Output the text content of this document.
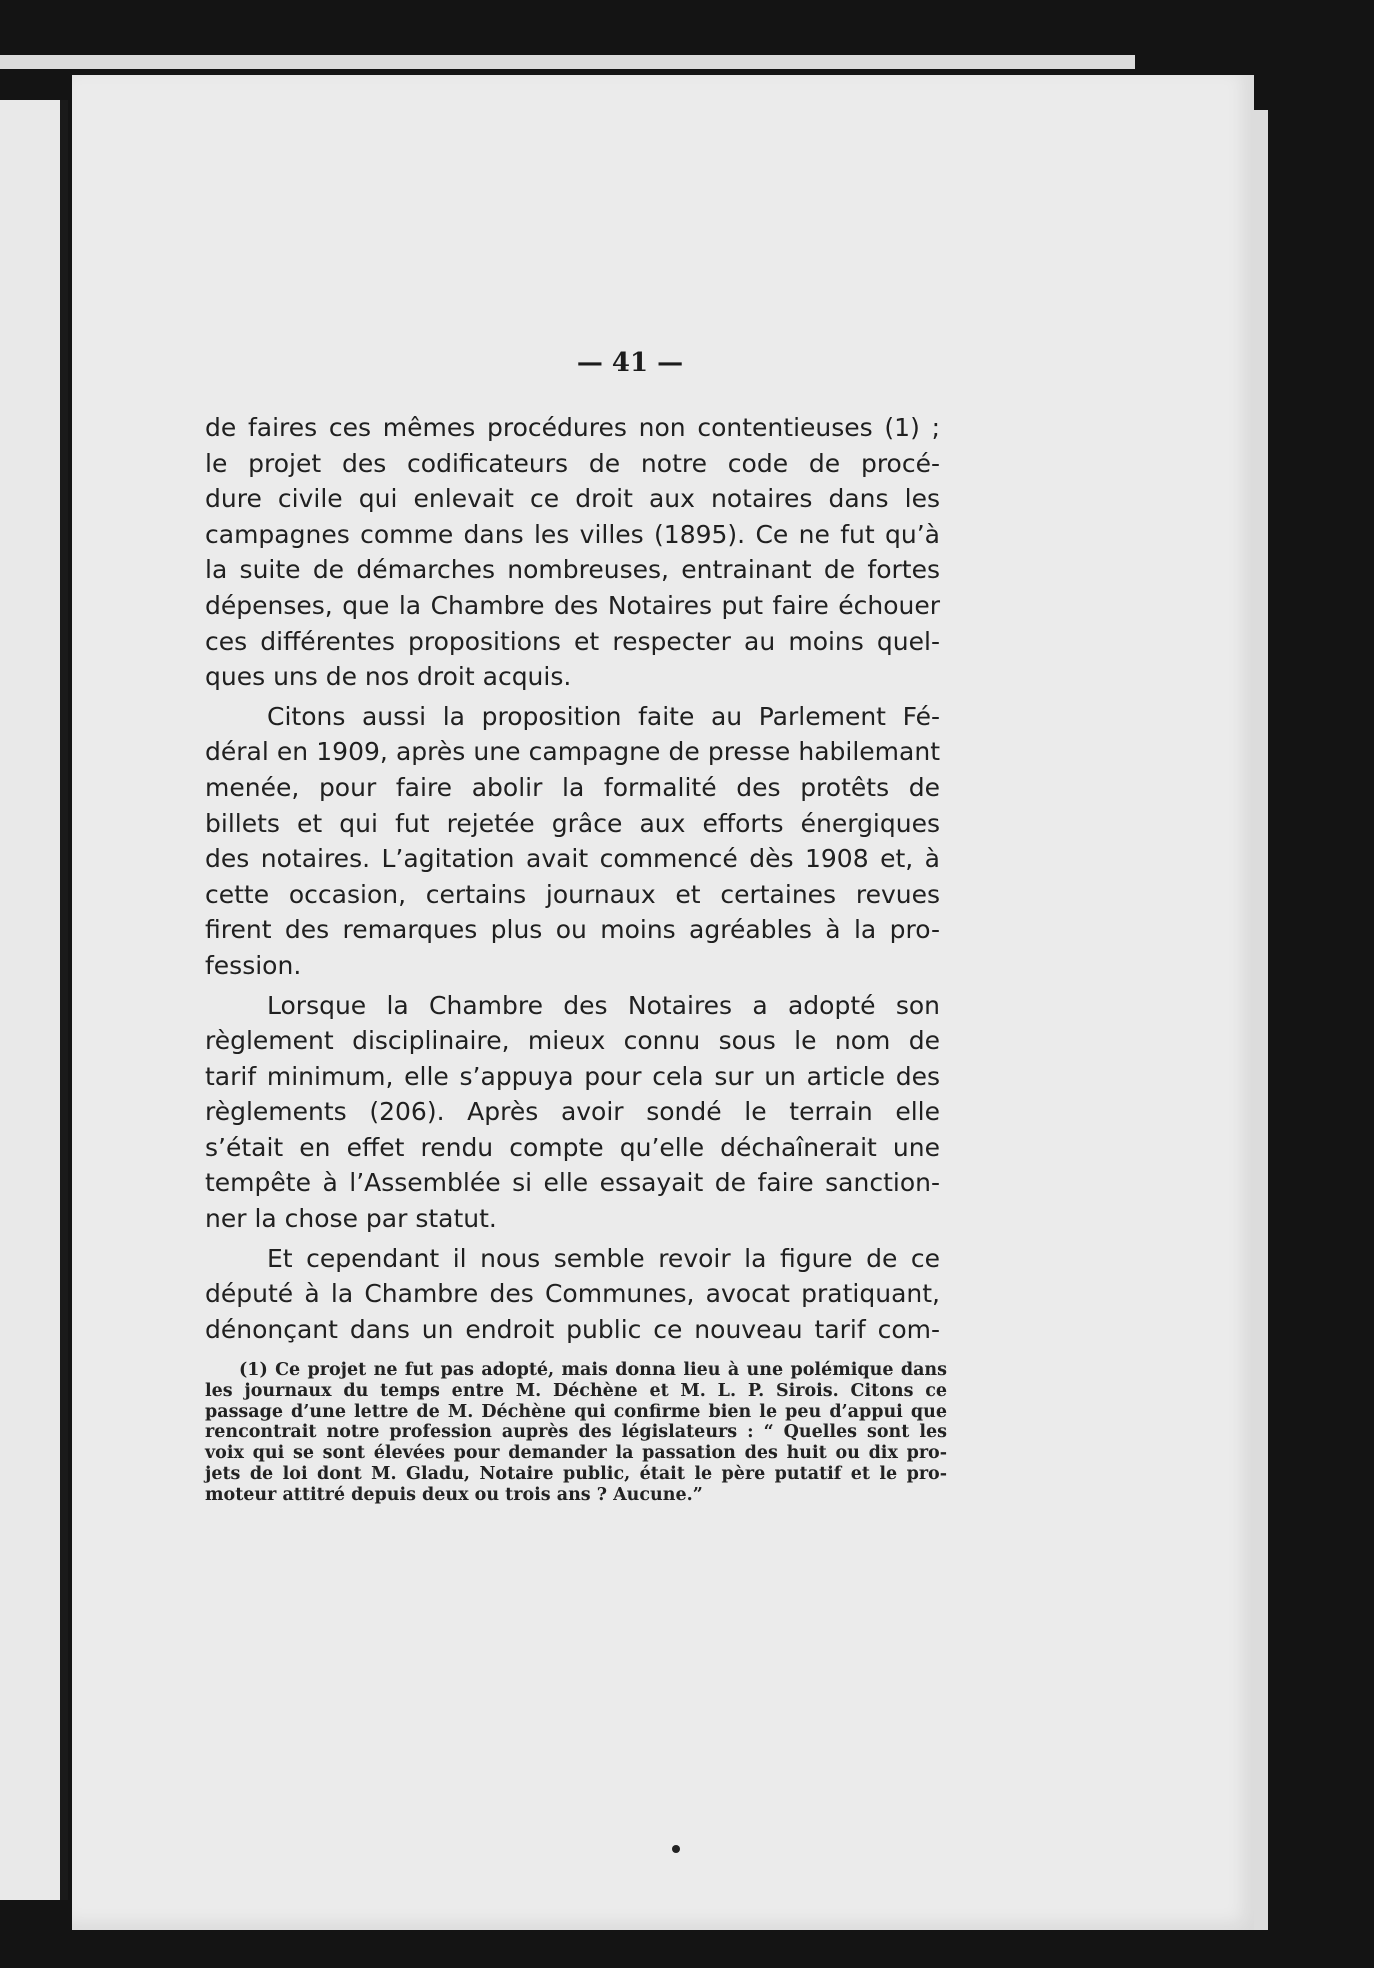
— 41 —
de faires ces mêmes procédures non contentieuses (1) ;
le projet des codificateurs de notre code de procé-
dure civile qui enlevait ce droit aux notaires dans les
campagnes comme dans les villes (1895). Ce ne fut qu’à
la suite de démarches nombreuses, entrainant de fortes
dépenses, que la Chambre des Notaires put faire échouer
ces différentes propositions et respecter au moins quel-
ques uns de nos droit acquis.
Citons aussi la proposition faite au Parlement Fé-
déral en 1909, après une campagne de presse habilemant
menée, pour faire abolir la formalité des protêts de
billets et qui fut rejetée grâce aux efforts énergiques
des notaires. L’agitation avait commencé dès 1908 et, à
cette occasion, certains journaux et certaines revues
firent des remarques plus ou moins agréables à la pro-
fession.
Lorsque la Chambre des Notaires a adopté son
règlement disciplinaire, mieux connu sous le nom de
tarif minimum, elle s’appuya pour cela sur un article des
règlements (206). Après avoir sondé le terrain elle
s’était en effet rendu compte qu’elle déchaînerait une
tempête à l’Assemblée si elle essayait de faire sanction-
ner la chose par statut.
Et cependant il nous semble revoir la figure de ce
député à la Chambre des Communes, avocat pratiquant,
dénonçant dans un endroit public ce nouveau tarif com-
(1) Ce projet ne fut pas adopté, mais donna lieu à une polémique dans
les journaux du temps entre M. Déchène et M. L. P. Sirois. Citons ce
passage d’une lettre de M. Déchène qui confirme bien le peu d’appui que
rencontrait notre profession auprès des législateurs : “ Quelles sont les
voix qui se sont élevées pour demander la passation des huit ou dix pro-
jets de loi dont M. Gladu, Notaire public, était le père putatif et le pro-
moteur attitré depuis deux ou trois ans ? Aucune.”
